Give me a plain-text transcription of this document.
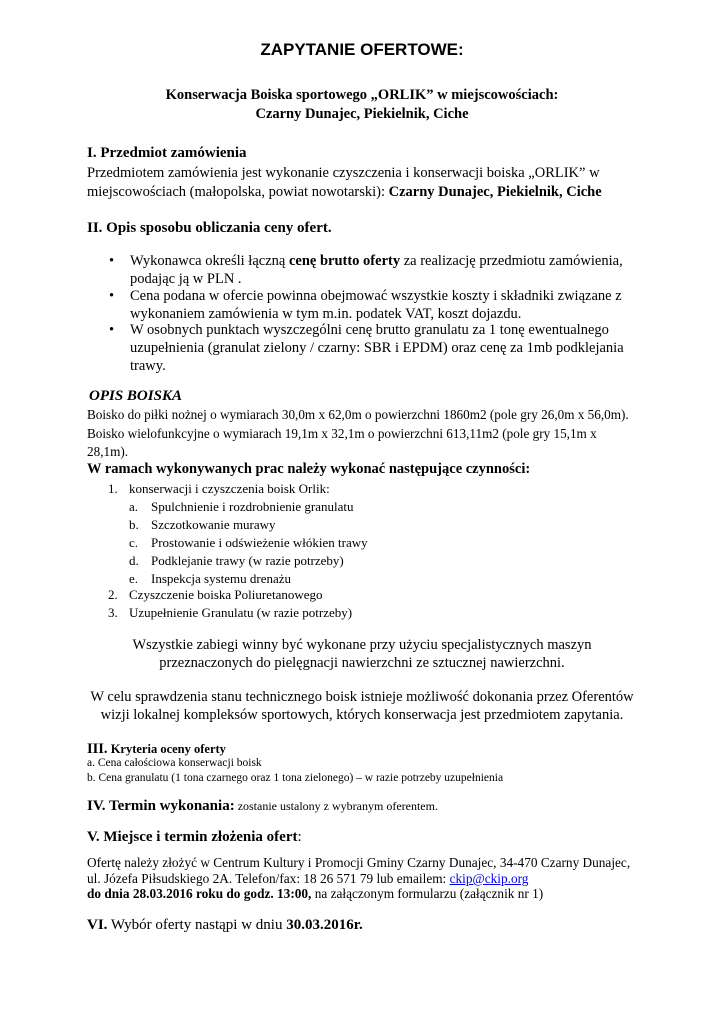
ZAPYTANIE OFERTOWE:
Konserwacja Boiska sportowego „ORLIK” w miejscowościach:
Czarny Dunajec, Piekielnik, Ciche
I. Przedmiot zamówienia
Przedmiotem zamówienia jest wykonanie czyszczenia i konserwacji boiska „ORLIK” w
miejscowościach (małopolska, powiat nowotarski): Czarny Dunajec, Piekielnik, Ciche
II. Opis sposobu obliczania ceny ofert.
• Wykonawca określi łączną cenę brutto oferty za realizację przedmiotu zamówienia,
podając ją w PLN .
• Cena podana w ofercie powinna obejmować wszystkie koszty i składniki związane z
wykonaniem zamówienia w tym m.in. podatek VAT, koszt dojazdu.
• W osobnych punktach wyszczególni cenę brutto granulatu za 1 tonę ewentualnego
uzupełnienia (granulat zielony / czarny: SBR i EPDM) oraz cenę za 1mb podklejania
trawy.
OPIS BOISKA
Boisko do piłki nożnej o wymiarach 30,0m x 62,0m o powierzchni 1860m2 (pole gry 26,0m x 56,0m).
Boisko wielofunkcyjne o wymiarach 19,1m x 32,1m o powierzchni 613,11m2 (pole gry 15,1m x
28,1m).
W ramach wykonywanych prac należy wykonać następujące czynności:
1. konserwacji i czyszczenia boisk Orlik:
a. Spulchnienie i rozdrobnienie granulatu
b. Szczotkowanie murawy
c. Prostowanie i odświeżenie włókien trawy
d. Podklejanie trawy (w razie potrzeby)
e. Inspekcja systemu drenażu
2. Czyszczenie boiska Poliuretanowego
3. Uzupełnienie Granulatu (w razie potrzeby)
Wszystkie zabiegi winny być wykonane przy użyciu specjalistycznych maszyn
przeznaczonych do pielęgnacji nawierzchni ze sztucznej nawierzchni.
W celu sprawdzenia stanu technicznego boisk istnieje możliwość dokonania przez Oferentów
wizji lokalnej kompleksów sportowych, których konserwacja jest przedmiotem zapytania.
III. Kryteria oceny oferty
a. Cena całościowa konserwacji boisk
b. Cena granulatu (1 tona czarnego oraz 1 tona zielonego) – w razie potrzeby uzupełnienia
IV. Termin wykonania: zostanie ustalony z wybranym oferentem.
V. Miejsce i termin złożenia ofert:
Ofertę należy złożyć w Centrum Kultury i Promocji Gminy Czarny Dunajec, 34-470 Czarny Dunajec,
ul. Józefa Piłsudskiego 2A. Telefon/fax: 18 26 571 79 lub emailem: ckip@ckip.org
do dnia 28.03.2016 roku do godz. 13:00, na załączonym formularzu (załącznik nr 1)
VI. Wybór oferty nastąpi w dniu 30.03.2016r.
